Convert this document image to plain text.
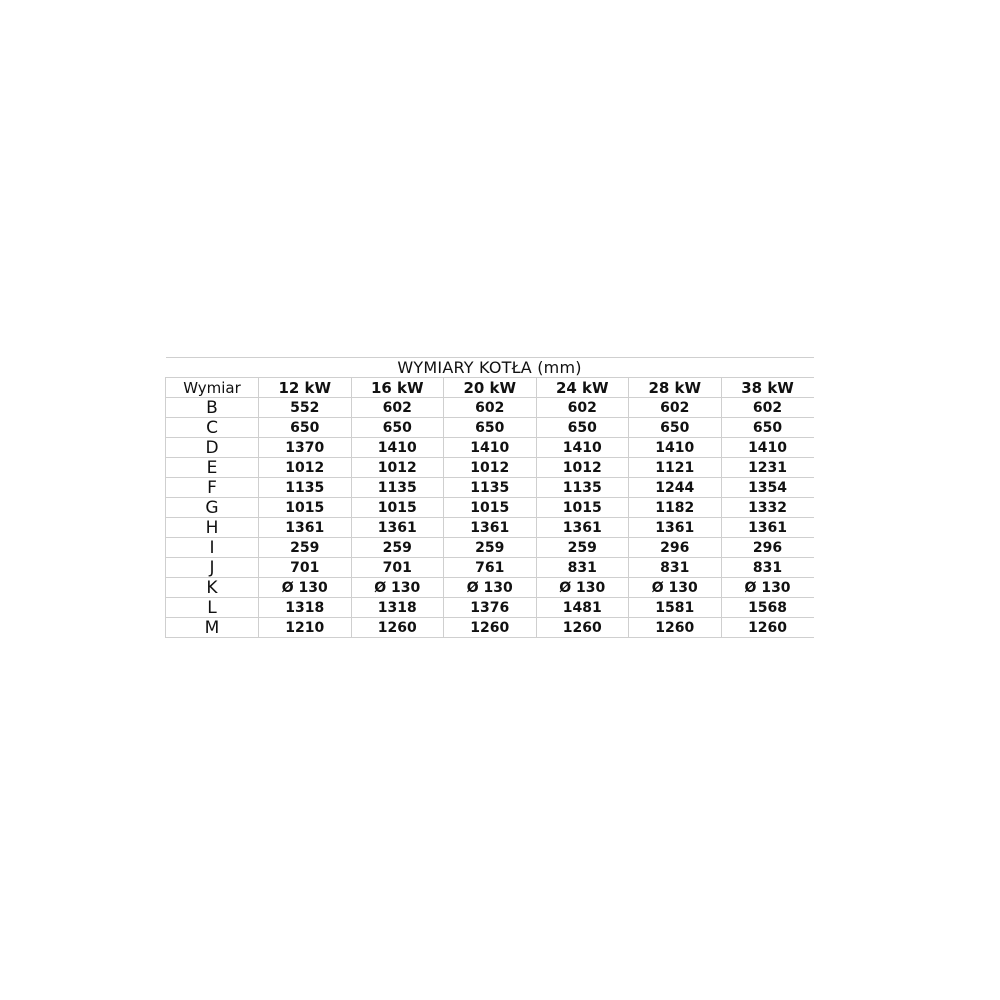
WYMIARY KOTŁA (mm)						
Wymiar	12 kW	16 kW	20 kW	24 kW	28 kW	38 kW
B	552	602	602	602	602	602
C	650	650	650	650	650	650
D	1370	1410	1410	1410	1410	1410
E	1012	1012	1012	1012	1121	1231
F	1135	1135	1135	1135	1244	1354
G	1015	1015	1015	1015	1182	1332
H	1361	1361	1361	1361	1361	1361
I	259	259	259	259	296	296
J	701	701	761	831	831	831
K	Ø 130	Ø 130	Ø 130	Ø 130	Ø 130	Ø 130
L	1318	1318	1376	1481	1581	1568
M	1210	1260	1260	1260	1260	1260
